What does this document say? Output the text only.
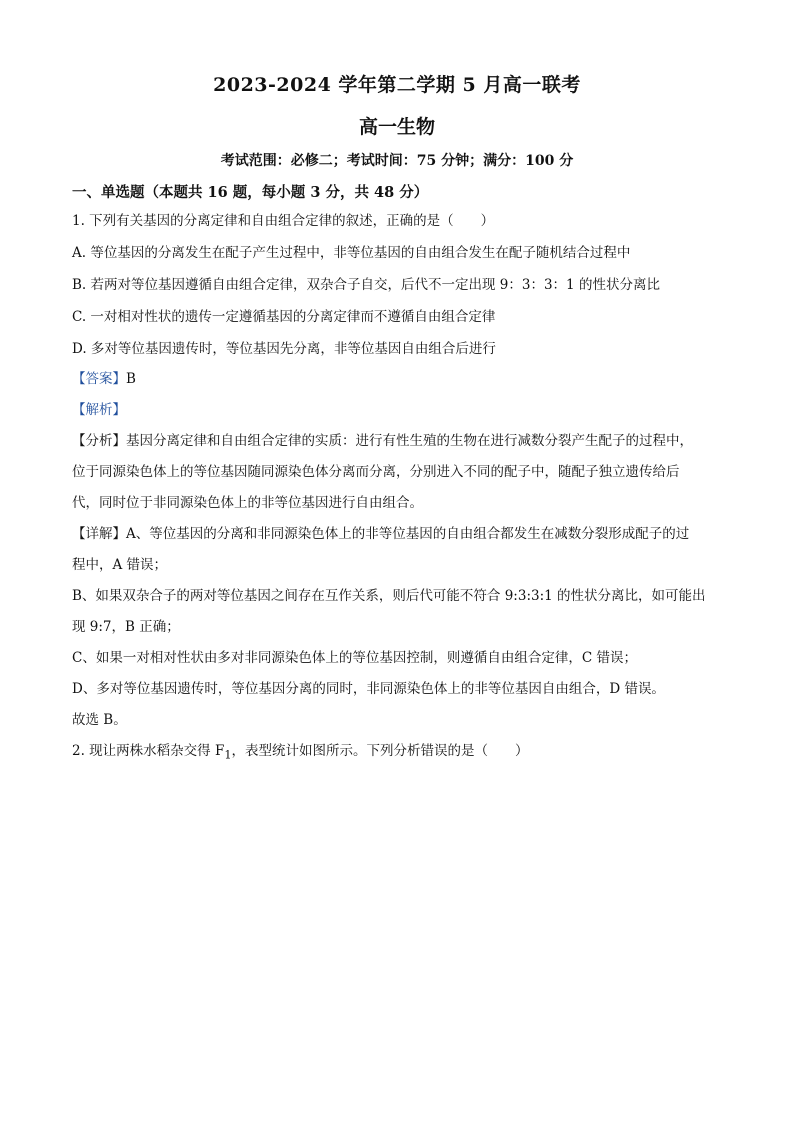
2023-2024 学年第二学期 5 月高一联考
高一生物
考试范围：必修二；考试时间：75 分钟；满分：100 分
一、单选题（本题共 16 题，每小题 3 分，共 48 分）
1. 下列有关基因的分离定律和自由组合定律的叙述，正确的是（　　）
A. 等位基因的分离发生在配子产生过程中，非等位基因的自由组合发生在配子随机结合过程中
B. 若两对等位基因遵循自由组合定律，双杂合子自交，后代不一定出现 9：3：3：1 的性状分离比
C. 一对相对性状的遗传一定遵循基因的分离定律而不遵循自由组合定律
D. 多对等位基因遗传时，等位基因先分离，非等位基因自由组合后进行
【答案】B
【解析】
【分析】基因分离定律和自由组合定律的实质：进行有性生殖的生物在进行减数分裂产生配子的过程中，
位于同源染色体上的等位基因随同源染色体分离而分离，分别进入不同的配子中，随配子独立遗传给后
代，同时位于非同源染色体上的非等位基因进行自由组合。
【详解】A、等位基因的分离和非同源染色体上的非等位基因的自由组合都发生在减数分裂形成配子的过
程中，A 错误；
B、如果双杂合子的两对等位基因之间存在互作关系，则后代可能不符合 9:3:3:1 的性状分离比，如可能出
现 9:7，B 正确；
C、如果一对相对性状由多对非同源染色体上的等位基因控制，则遵循自由组合定律，C 错误；
D、多对等位基因遗传时，等位基因分离的同时，非同源染色体上的非等位基因自由组合，D 错误。
故选 B。
2. 现让两株水稻杂交得 $F_1$，表型统计如图所示。下列分析错误的是（　　）
